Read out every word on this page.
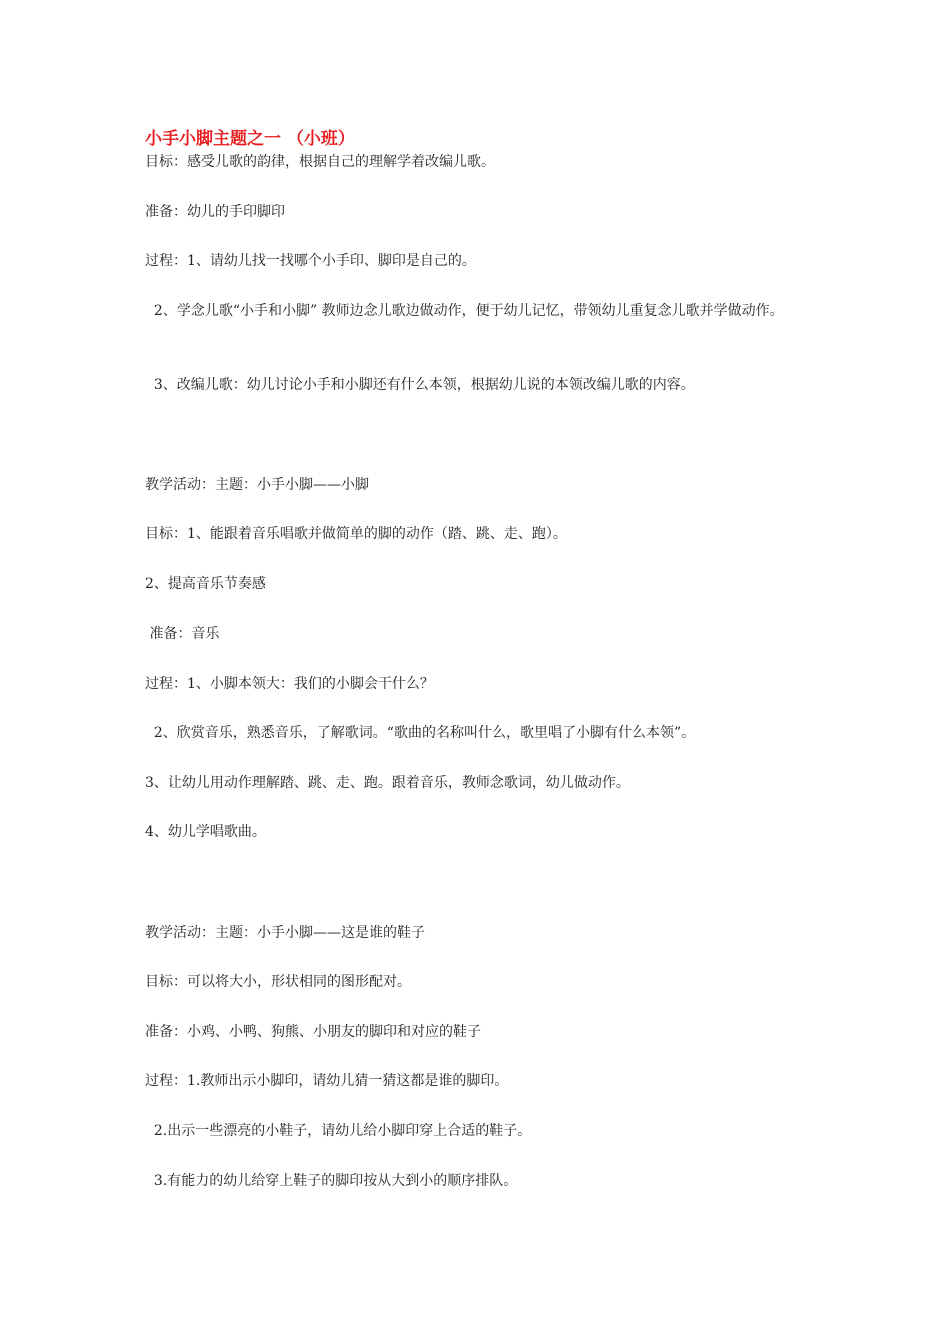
小手小脚主题之一 （小班）
目标：感受儿歌的韵律，根据自己的理解学着改编儿歌。
准备：幼儿的手印脚印
过程：1、请幼儿找一找哪个小手印、脚印是自己的。
2、学念儿歌“小手和小脚” 教师边念儿歌边做动作，便于幼儿记忆，带领幼儿重复念儿歌并学做动作。
3、改编儿歌：幼儿讨论小手和小脚还有什么本领，根据幼儿说的本领改编儿歌的内容。
教学活动：主题：小手小脚——小脚
目标：1、能跟着音乐唱歌并做简单的脚的动作（踏、跳、走、跑）。
2、提高音乐节奏感
准备：音乐
过程：1、小脚本领大：我们的小脚会干什么？
2、欣赏音乐，熟悉音乐，了解歌词。“歌曲的名称叫什么，歌里唱了小脚有什么本领”。
3、让幼儿用动作理解踏、跳、走、跑。跟着音乐，教师念歌词，幼儿做动作。
4、幼儿学唱歌曲。
教学活动：主题：小手小脚——这是谁的鞋子
目标：可以将大小，形状相同的图形配对。
准备：小鸡、小鸭、狗熊、小朋友的脚印和对应的鞋子
过程：1.教师出示小脚印，请幼儿猜一猜这都是谁的脚印。
2.出示一些漂亮的小鞋子，请幼儿给小脚印穿上合适的鞋子。
3.有能力的幼儿给穿上鞋子的脚印按从大到小的顺序排队。
